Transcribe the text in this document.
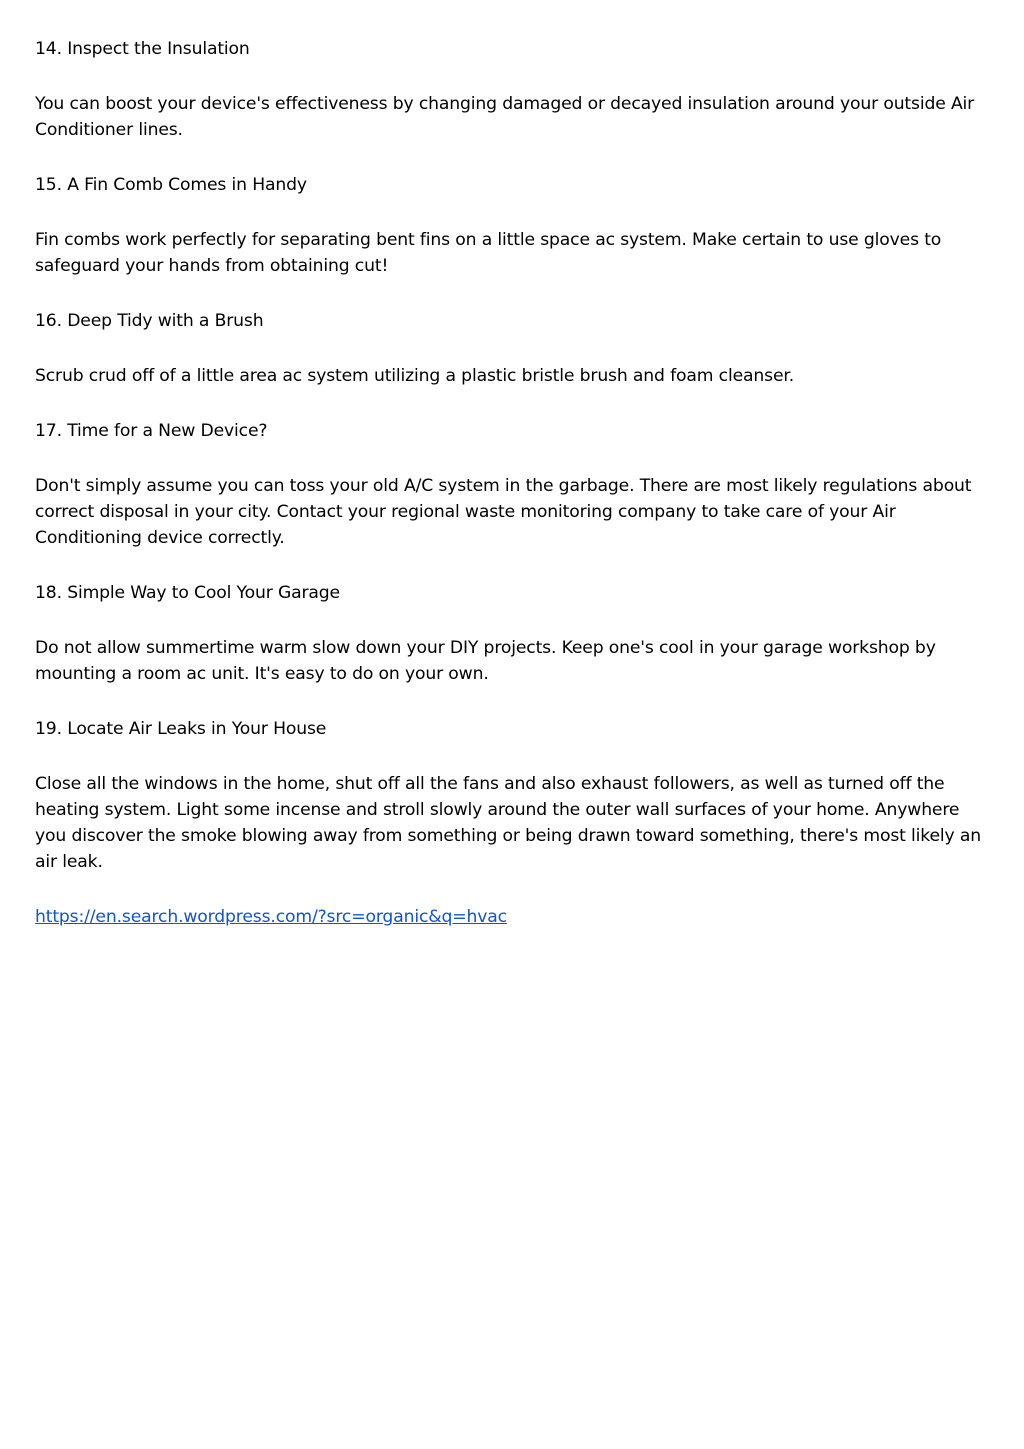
14. Inspect the Insulation
You can boost your device's effectiveness by changing damaged or decayed insulation around your outside Air Conditioner lines.
15. A Fin Comb Comes in Handy
Fin combs work perfectly for separating bent fins on a little space ac system. Make certain to use gloves to safeguard your hands from obtaining cut!
16. Deep Tidy with a Brush
Scrub crud off of a little area ac system utilizing a plastic bristle brush and foam cleanser.
17. Time for a New Device?
Don't simply assume you can toss your old A/C system in the garbage. There are most likely regulations about correct disposal in your city. Contact your regional waste monitoring company to take care of your Air Conditioning device correctly.
18. Simple Way to Cool Your Garage
Do not allow summertime warm slow down your DIY projects. Keep one's cool in your garage workshop by mounting a room ac unit. It's easy to do on your own.
19. Locate Air Leaks in Your House
Close all the windows in the home, shut off all the fans and also exhaust followers, as well as turned off the heating system. Light some incense and stroll slowly around the outer wall surfaces of your home. Anywhere you discover the smoke blowing away from something or being drawn toward something, there's most likely an air leak.
https://en.search.wordpress.com/?src=organic&q=hvac
